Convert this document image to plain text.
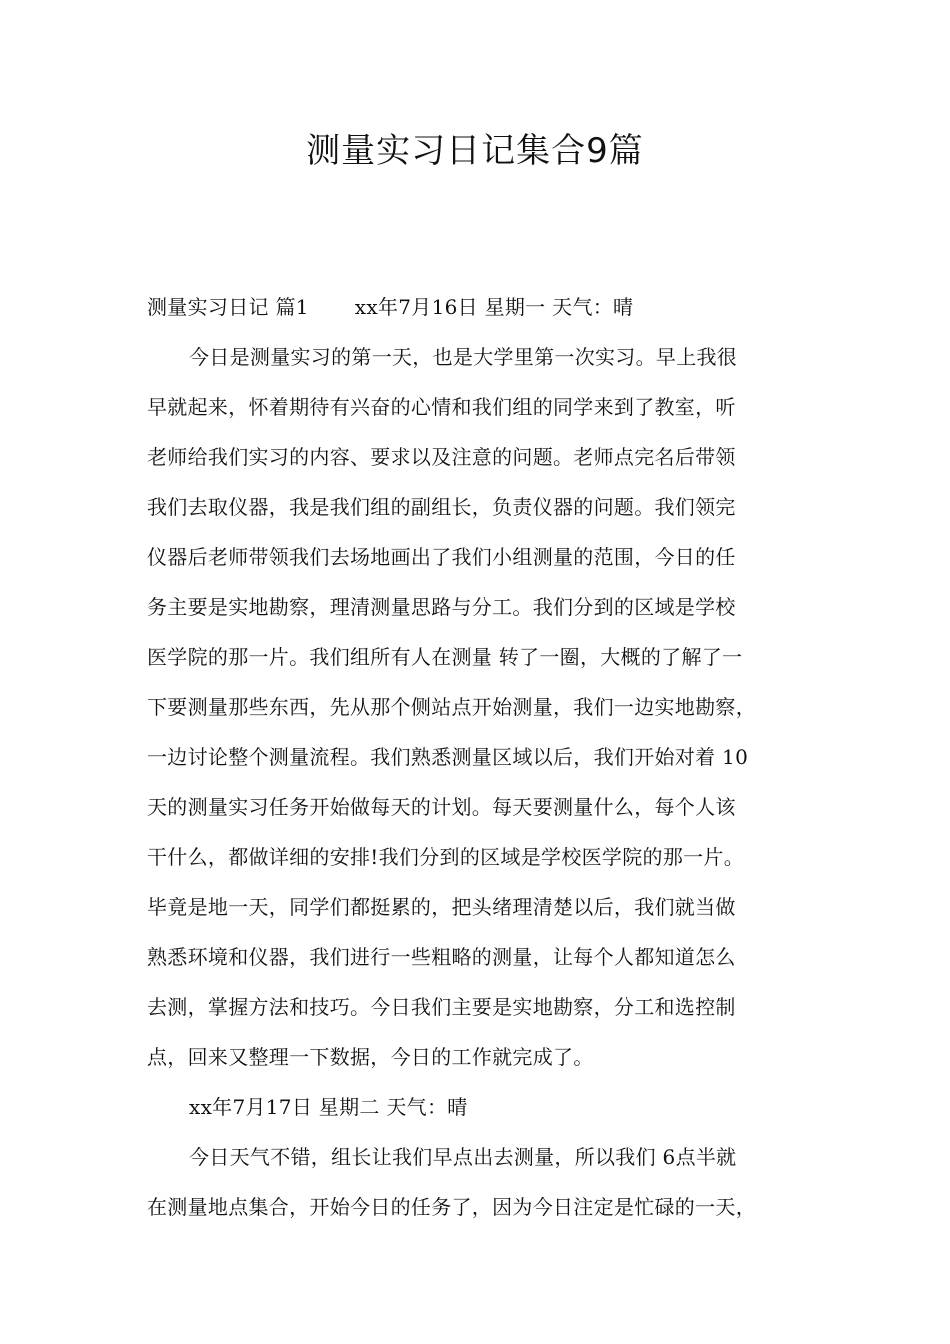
测量实习日记集合9篇
测量实习日记 篇1 xx年7月16日 星期一 天气：晴
今日是测量实习的第一天，也是大学里第一次实习。早上我很
早就起来，怀着期待有兴奋的心情和我们组的同学来到了教室，听
老师给我们实习的内容、要求以及注意的问题。老师点完名后带领
我们去取仪器，我是我们组的副组长，负责仪器的问题。我们领完
仪器后老师带领我们去场地画出了我们小组测量的范围，今日的任
务主要是实地勘察，理清测量思路与分工。我们分到的区域是学校
医学院的那一片。我们组所有人在测量 转了一圈，大概的了解了一
下要测量那些东西，先从那个侧站点开始测量，我们一边实地勘察，
一边讨论整个测量流程。我们熟悉测量区域以后，我们开始对着 10
天的测量实习任务开始做每天的计划。每天要测量什么，每个人该
干什么，都做详细的安排!我们分到的区域是学校医学院的那一片。
毕竟是地一天，同学们都挺累的，把头绪理清楚以后，我们就当做
熟悉环境和仪器，我们进行一些粗略的测量，让每个人都知道怎么
去测，掌握方法和技巧。今日我们主要是实地勘察，分工和选控制
点，回来又整理一下数据，今日的工作就完成了。
xx年7月17日 星期二 天气：晴
今日天气不错，组长让我们早点出去测量，所以我们 6点半就
在测量地点集合，开始今日的任务了，因为今日注定是忙碌的一天，
